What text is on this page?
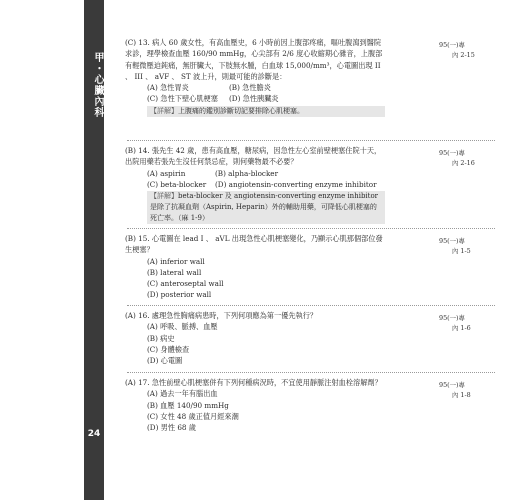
甲・心臟內科
24
(C) 13. 病人 60 歲女性，有高血壓史，6 小時前因上腹部疼痛，嘔吐腹瀉到醫院求診，理學檢查血壓 160/90 mmHg，心尖部有 2/6 度心收縮期心雜音，上腹部有輕微壓迫鈍痛，無肝臟大，下肢無水腫，白血球 15,000/mm³，心電圖出現 II 、 III 、 aVF 、 ST 波上升，則最可能的診斷是：
(A) 急性胃炎	(B) 急性膽炎
(C) 急性下壁心肌梗塞	(D) 急性胰臟炎
【詳解】上腹痛的鑑別診斷切記要排除心肌梗塞。
95(一)專
內 2-15
(B) 14. 張先生 42 歲，患有高血壓，糖尿病，因急性左心室前壁梗塞住院十天，出院用藥若張先生沒任何禁忌症，則何藥物最不必要？
(A) aspirin	(B) alpha-blocker
(C) beta-blocker	(D) angiotensin-converting enzyme inhibitor
【詳解】beta-blocker 及 angiotensin-converting enzyme inhibitor 是除了抗凝血劑（Aspirin, Heparin）外的輔助用藥，可降低心肌梗塞的死亡率。（麻 1-9）
95(一)專
內 2-16
(B) 15. 心電圖在 lead I 、 aVL 出現急性心肌梗塞變化，乃顯示心肌那個部位發生梗塞？
(A) inferior wall
(B) lateral wall
(C) anteroseptal wall
(D) posterior wall
95(一)專
內 1-5
(A) 16. 處理急性胸痛病患時，下列何項應為第一優先執行？
(A) 呼吸、脈搏、血壓
(B) 病史
(C) 身體檢查
(D) 心電圖
95(一)專
內 1-6
(A) 17. 急性前壁心肌梗塞併有下列何種病況時，不宜使用靜脈注射血栓溶解劑？
(A) 過去一年有腦出血
(B) 血壓 140/90 mmHg
(C) 女性 48 歲正值月經來潮
(D) 男性 68 歲
95(一)專
內 1-8
